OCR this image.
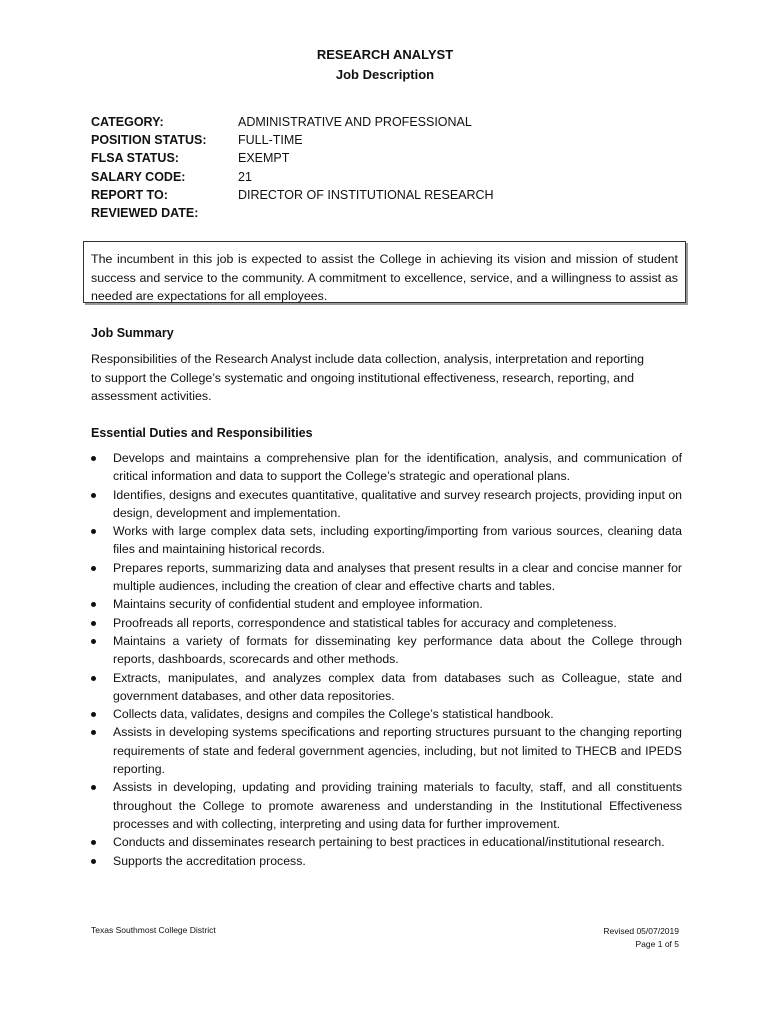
RESEARCH ANALYST
Job Description
CATEGORY:	ADMINISTRATIVE AND PROFESSIONAL
POSITION STATUS:	FULL-TIME
FLSA STATUS:	EXEMPT
SALARY CODE:	21
REPORT TO:	DIRECTOR OF INSTITUTIONAL RESEARCH
REVIEWED DATE:
The incumbent in this job is expected to assist the College in achieving its vision and mission of student success and service to the community. A commitment to excellence, service, and a willingness to assist as needed are expectations for all employees.
Job Summary
Responsibilities of the Research Analyst include data collection, analysis, interpretation and reporting to support the College’s systematic and ongoing institutional effectiveness, research, reporting, and assessment activities.
Essential Duties and Responsibilities
Develops and maintains a comprehensive plan for the identification, analysis, and communication of critical information and data to support the College’s strategic and operational plans.
Identifies, designs and executes quantitative, qualitative and survey research projects, providing input on design, development and implementation.
Works with large complex data sets, including exporting/importing from various sources, cleaning data files and maintaining historical records.
Prepares reports, summarizing data and analyses that present results in a clear and concise manner for multiple audiences, including the creation of clear and effective charts and tables.
Maintains security of confidential student and employee information.
Proofreads all reports, correspondence and statistical tables for accuracy and completeness.
Maintains a variety of formats for disseminating key performance data about the College through reports, dashboards, scorecards and other methods.
Extracts, manipulates, and analyzes complex data from databases such as Colleague, state and government databases, and other data repositories.
Collects data, validates, designs and compiles the College’s statistical handbook.
Assists in developing systems specifications and reporting structures pursuant to the changing reporting requirements of state and federal government agencies, including, but not limited to THECB and IPEDS reporting.
Assists in developing, updating and providing training materials to faculty, staff, and all constituents throughout the College to promote awareness and understanding in the Institutional Effectiveness processes and with collecting, interpreting and using data for further improvement.
Conducts and disseminates research pertaining to best practices in educational/institutional research.
Supports the accreditation process.
Texas Southmost College District	Revised 05/07/2019
Page 1 of 5
